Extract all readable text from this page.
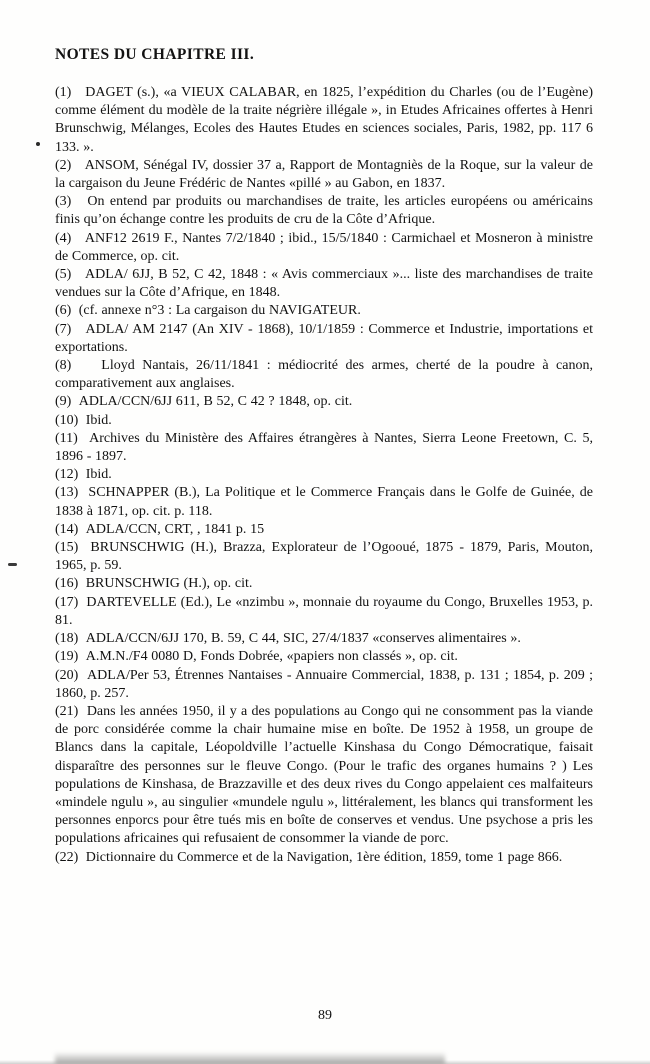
NOTES DU CHAPITRE III.

(1)   DAGET (s.), «a VIEUX CALABAR, en 1825, l’expédition du Charles (ou de l’Eugène) comme élément du modèle de la traite négrière illégale », in Etudes Africaines offertes à Henri Brunschwig, Mélanges, Ecoles des Hautes Etudes en sciences sociales, Paris, 1982, pp. 117 6 133. ».

(2)   ANSOM, Sénégal IV, dossier 37 a, Rapport de Montagniès de la Roque, sur la valeur de la cargaison du Jeune Frédéric de Nantes «pillé » au Gabon, en 1837.

(3)   On entend par produits ou marchandises de traite, les articles européens ou américains finis qu’on échange contre les produits de cru de la Côte d’Afrique.

(4)   ANF12 2619 F., Nantes 7/2/1840 ; ibid., 15/5/1840 : Carmichael et Mosneron à ministre de Commerce, op. cit.

(5)   ADLA/ 6JJ, B 52, C 42, 1848 : « Avis commerciaux »... liste des marchandises de traite vendues sur la Côte d’Afrique, en 1848.

(6)  (cf. annexe n°3 : La cargaison du NAVIGATEUR.

(7)   ADLA/ AM 2147 (An XIV - 1868), 10/1/1859 : Commerce et Industrie, importations et exportations.

(8)    Lloyd Nantais, 26/11/1841 : médiocrité des armes, cherté de la poudre à canon, comparativement aux anglaises.

(9)  ADLA/CCN/6JJ 611, B 52, C 42 ? 1848, op. cit.

(10)  Ibid.

(11)  Archives du Ministère des Affaires étrangères à Nantes, Sierra Leone Freetown, C. 5, 1896 - 1897.

(12)  Ibid.

(13)  SCHNAPPER (B.), La Politique et le Commerce Français dans le Golfe de Guinée, de 1838 à 1871, op. cit. p. 118.

(14)  ADLA/CCN, CRT, , 1841 p. 15

(15)  BRUNSCHWIG (H.), Brazza, Explorateur de l’Ogooué, 1875 - 1879, Paris, Mouton, 1965, p. 59.

(16)  BRUNSCHWIG (H.), op. cit.

(17)  DARTEVELLE (Ed.), Le «nzimbu », monnaie du royaume du Congo, Bruxelles 1953, p. 81.

(18)  ADLA/CCN/6JJ 170, B. 59, C 44, SIC, 27/4/1837 «conserves alimentaires ».

(19)  A.M.N./F4 0080 D, Fonds Dobrée, «papiers non classés », op. cit.

(20)  ADLA/Per 53, Étrennes Nantaises - Annuaire Commercial, 1838, p. 131 ; 1854, p. 209 ; 1860, p. 257.

(21)  Dans les années 1950, il y a des populations au Congo qui ne consomment pas la viande de porc considérée comme la chair humaine mise en boîte. De 1952 à 1958, un groupe de Blancs dans la capitale, Léopoldville l’actuelle Kinshasa du Congo Démocratique, faisait disparaître des personnes sur le fleuve Congo. (Pour le trafic des organes humains ? ) Les populations de Kinshasa, de Brazzaville et des deux rives du Congo appelaient ces malfaiteurs «mindele ngulu », au singulier «mundele ngulu », littéralement, les blancs qui transforment les personnes enporcs pour être tués mis en boîte de conserves et vendus. Une psychose a pris les populations africaines qui refusaient de consommer la viande de porc.

(22)  Dictionnaire du Commerce et de la Navigation, 1ère édition, 1859, tome 1 page 866.

89
